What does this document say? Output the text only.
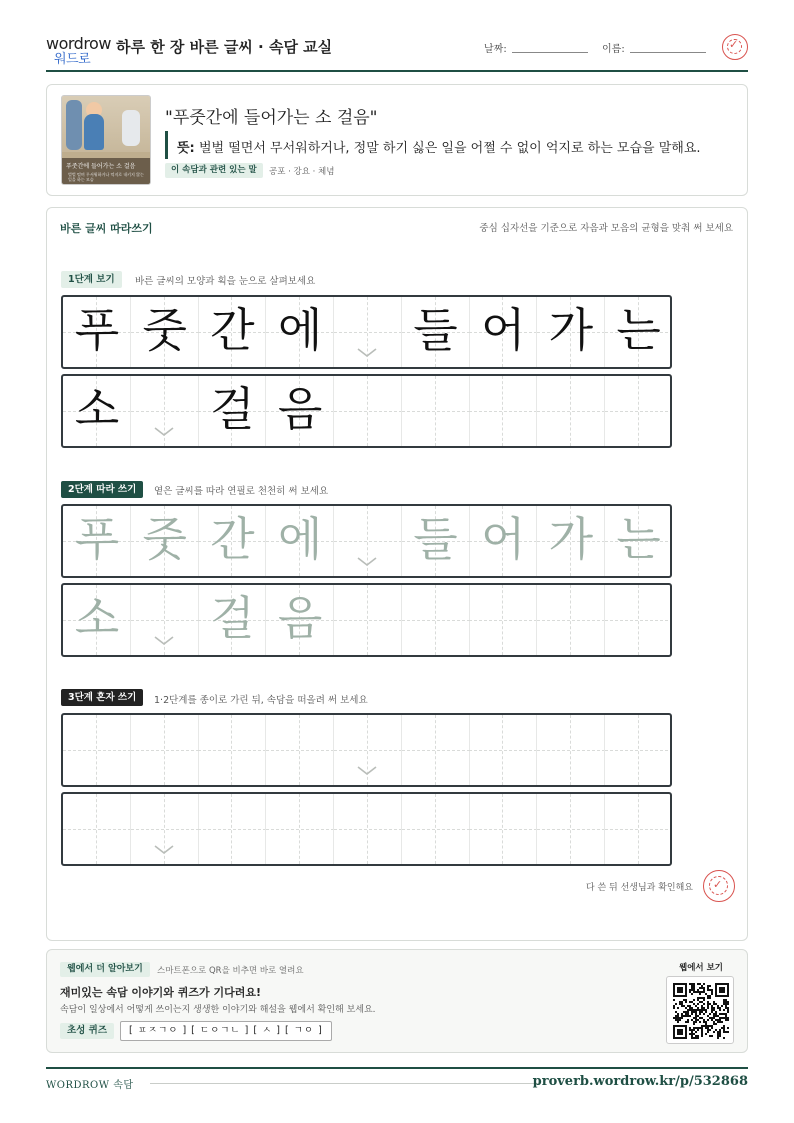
wordrow
워드로
하루 한 장 바른 글씨 · 속담 교실	날짜:	이름:	✓
푸줏간에 들어가는 소 걸음
벌벌 떨며 무서워하거나 억지로 내키지 않는 일을 하는 모습
"푸줏간에 들어가는 소 걸음"
뜻: 벌벌 떨면서 무서워하거나, 정말 하기 싫은 일을 어쩔 수 없이 억지로 하는 모습을 말해요.
이 속담과 관련 있는 말	공포 · 강요 · 체념
바른 글씨 따라쓰기	중심 십자선을 기준으로 자음과 모음의 균형을 맞춰 써 보세요
1단계 보기	바른 글씨의 모양과 획을 눈으로 살펴보세요
푸 줏 간 에 들 어 가 는
소 걸 음
2단계 따라 쓰기	옅은 글씨를 따라 연필로 천천히 써 보세요
푸 줏 간 에 들 어 가 는
소 걸 음
3단계 혼자 쓰기	1·2단계를 종이로 가린 뒤, 속담을 떠올려 써 보세요
다 쓴 뒤 선생님과 확인해요 ✓
웹에서 더 알아보기	스마트폰으로 QR을 비추면 바로 열려요
재미있는 속담 이야기와 퀴즈가 기다려요!
속담이 일상에서 어떻게 쓰이는지 생생한 이야기와 해설을 웹에서 확인해 보세요.
초성 퀴즈	[ ㅍㅈㄱㅇ ] [ ㄷㅇㄱㄴ ] [ ㅅ ] [ ㄱㅇ ]
웹에서 보기
WORDROW 속담	proverb.wordrow.kr/p/532868
